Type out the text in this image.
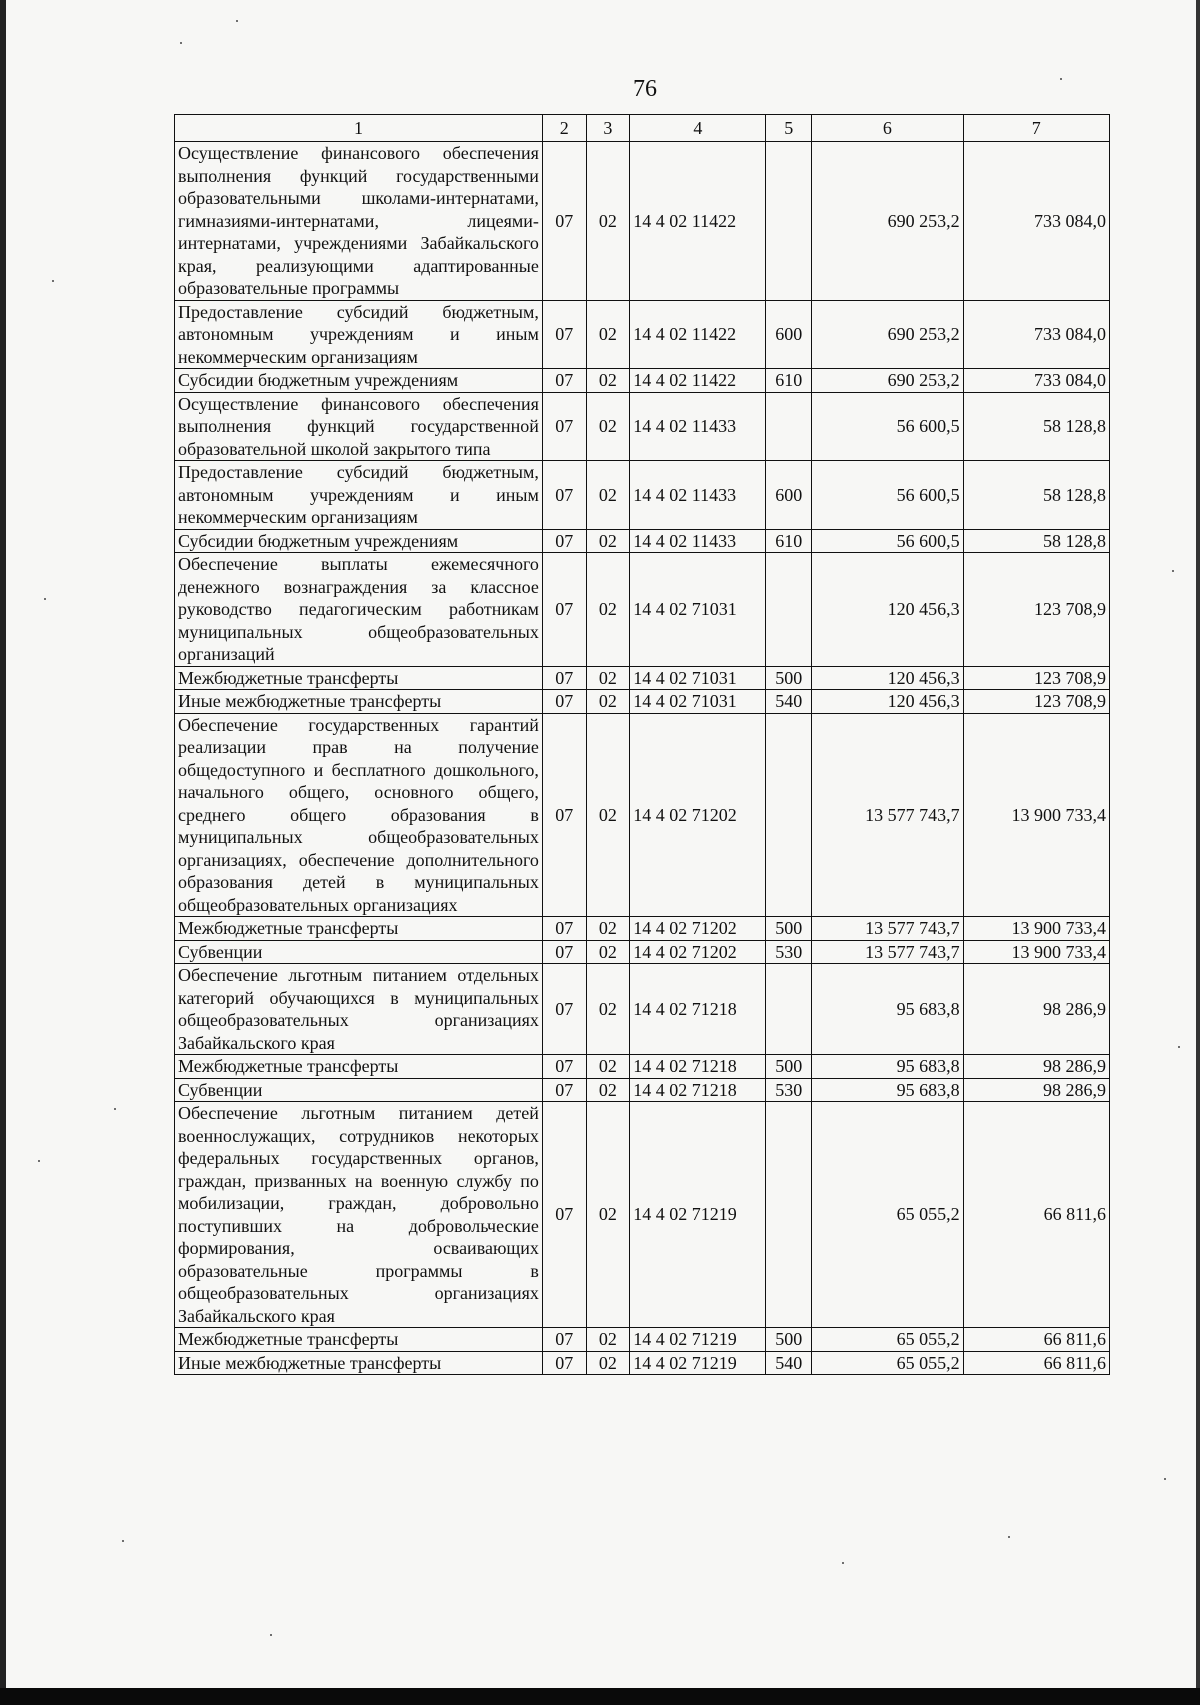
76
1	2	3	4	5	6	7
Осуществление финансового обеспечения выполнения функций государственными образовательными школами-интернатами, гимназиями-интернатами, лицеями-интернатами, учреждениями Забайкальского края, реализующими адаптированные образовательные программы	07	02	14 4 02 11422		690 253,2	733 084,0
Предоставление субсидий бюджетным, автономным учреждениям и иным некоммерческим организациям	07	02	14 4 02 11422	600	690 253,2	733 084,0
Субсидии бюджетным учреждениям	07	02	14 4 02 11422	610	690 253,2	733 084,0
Осуществление финансового обеспечения выполнения функций государственной образовательной школой закрытого типа	07	02	14 4 02 11433		56 600,5	58 128,8
Предоставление субсидий бюджетным, автономным учреждениям и иным некоммерческим организациям	07	02	14 4 02 11433	600	56 600,5	58 128,8
Субсидии бюджетным учреждениям	07	02	14 4 02 11433	610	56 600,5	58 128,8
Обеспечение выплаты ежемесячного денежного вознаграждения за классное руководство педагогическим работникам муниципальных общеобразовательных организаций	07	02	14 4 02 71031		120 456,3	123 708,9
Межбюджетные трансферты	07	02	14 4 02 71031	500	120 456,3	123 708,9
Иные межбюджетные трансферты	07	02	14 4 02 71031	540	120 456,3	123 708,9
Обеспечение государственных гарантий реализации прав на получение общедоступного и бесплатного дошкольного, начального общего, основного общего, среднего общего образования в муниципальных общеобразовательных организациях, обеспечение дополнительного образования детей в муниципальных общеобразовательных организациях	07	02	14 4 02 71202		13 577 743,7	13 900 733,4
Межбюджетные трансферты	07	02	14 4 02 71202	500	13 577 743,7	13 900 733,4
Субвенции	07	02	14 4 02 71202	530	13 577 743,7	13 900 733,4
Обеспечение льготным питанием отдельных категорий обучающихся в муниципальных общеобразовательных организациях Забайкальского края	07	02	14 4 02 71218		95 683,8	98 286,9
Межбюджетные трансферты	07	02	14 4 02 71218	500	95 683,8	98 286,9
Субвенции	07	02	14 4 02 71218	530	95 683,8	98 286,9
Обеспечение льготным питанием детей военнослужащих, сотрудников некоторых федеральных государственных органов, граждан, призванных на военную службу по мобилизации, граждан, добровольно поступивших на добровольческие формирования, осваивающих образовательные программы в общеобразовательных организациях Забайкальского края	07	02	14 4 02 71219		65 055,2	66 811,6
Межбюджетные трансферты	07	02	14 4 02 71219	500	65 055,2	66 811,6
Иные межбюджетные трансферты	07	02	14 4 02 71219	540	65 055,2	66 811,6
